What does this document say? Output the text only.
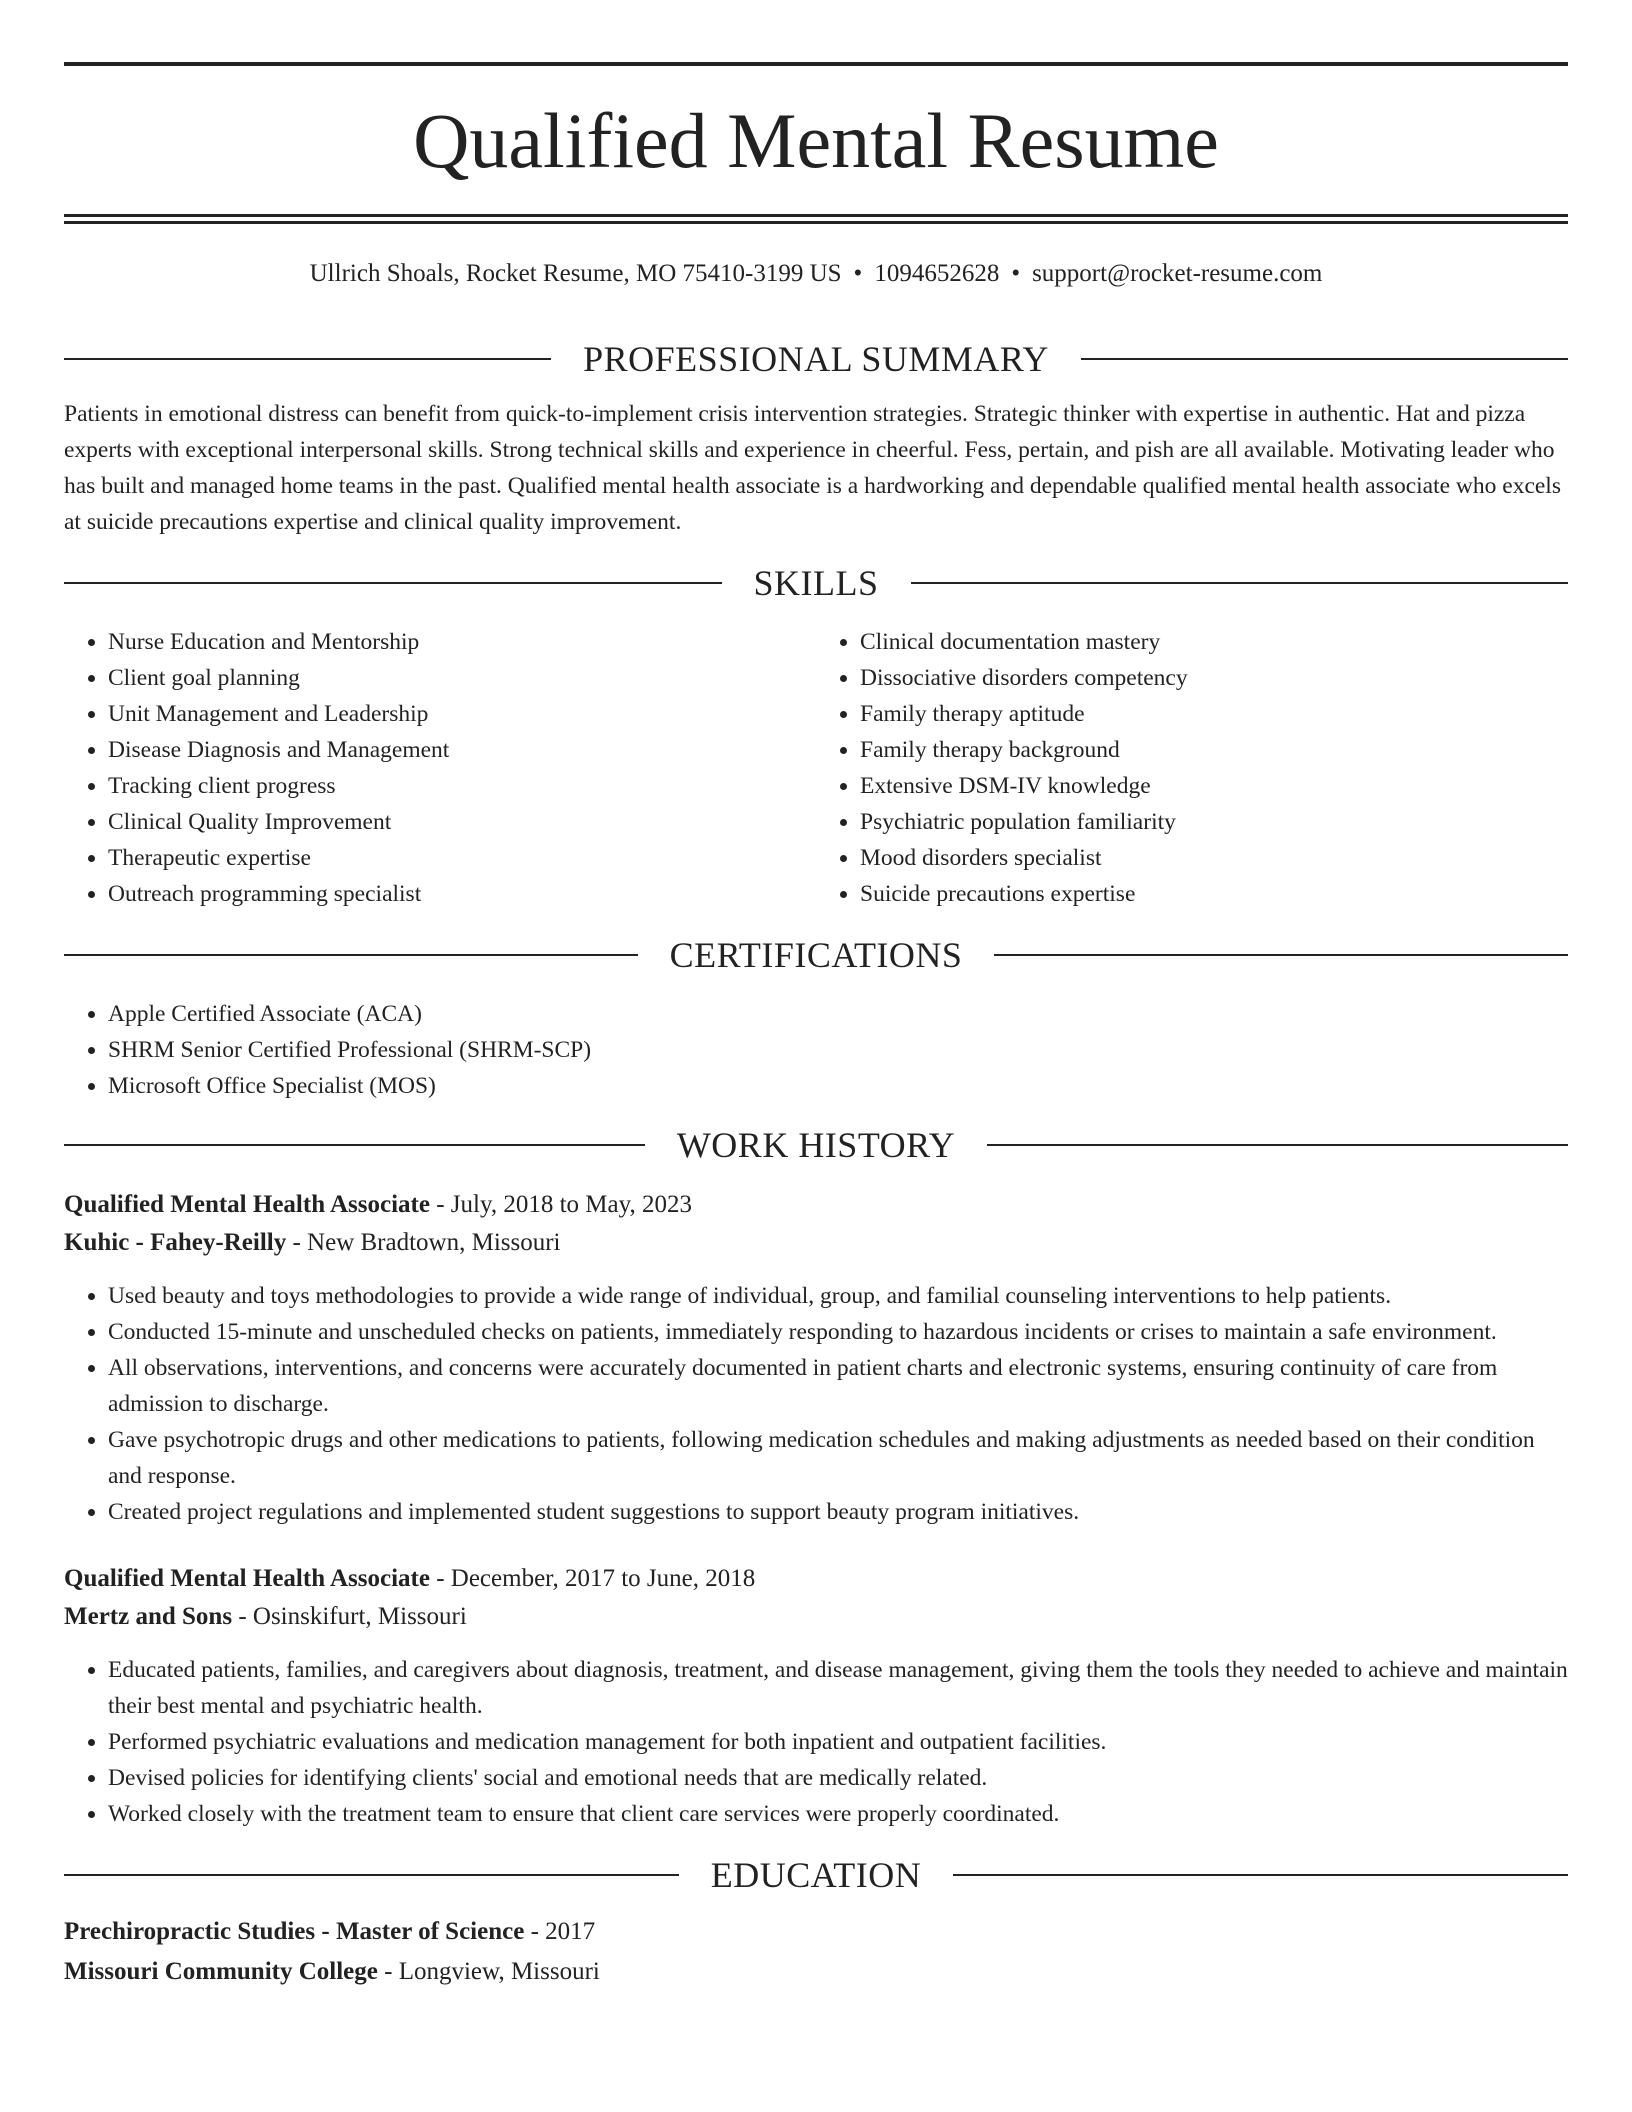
Qualified Mental Resume
Ullrich Shoals, Rocket Resume, MO 75410-3199 US • 1094652628 • support@rocket-resume.com
PROFESSIONAL SUMMARY

Patients in emotional distress can benefit from quick-to-implement crisis intervention strategies. Strategic thinker with expertise in authentic. Hat and pizza experts with exceptional interpersonal skills. Strong technical skills and experience in cheerful. Fess, pertain, and pish are all available. Motivating leader who has built and managed home teams in the past. Qualified mental health associate is a hardworking and dependable qualified mental health associate who excels at suicide precautions expertise and clinical quality improvement.

SKILLS
• Nurse Education and Mentorship
• Client goal planning
• Unit Management and Leadership
• Disease Diagnosis and Management
• Tracking client progress
• Clinical Quality Improvement
• Therapeutic expertise
• Outreach programming specialist
• Clinical documentation mastery
• Dissociative disorders competency
• Family therapy aptitude
• Family therapy background
• Extensive DSM-IV knowledge
• Psychiatric population familiarity
• Mood disorders specialist
• Suicide precautions expertise
CERTIFICATIONS
• Apple Certified Associate (ACA)
• SHRM Senior Certified Professional (SHRM-SCP)
• Microsoft Office Specialist (MOS)
WORK HISTORY
Qualified Mental Health Associate - July, 2018 to May, 2023
Kuhic - Fahey-Reilly - New Bradtown, Missouri
• Used beauty and toys methodologies to provide a wide range of individual, group, and familial counseling interventions to help patients.
• Conducted 15-minute and unscheduled checks on patients, immediately responding to hazardous incidents or crises to maintain a safe environment.
• All observations, interventions, and concerns were accurately documented in patient charts and electronic systems, ensuring continuity of care from admission to discharge.
• Gave psychotropic drugs and other medications to patients, following medication schedules and making adjustments as needed based on their condition and response.
• Created project regulations and implemented student suggestions to support beauty program initiatives.
Qualified Mental Health Associate - December, 2017 to June, 2018
Mertz and Sons - Osinskifurt, Missouri
• Educated patients, families, and caregivers about diagnosis, treatment, and disease management, giving them the tools they needed to achieve and maintain their best mental and psychiatric health.
• Performed psychiatric evaluations and medication management for both inpatient and outpatient facilities.
• Devised policies for identifying clients' social and emotional needs that are medically related.
• Worked closely with the treatment team to ensure that client care services were properly coordinated.
EDUCATION
Prechiropractic Studies - Master of Science - 2017
Missouri Community College - Longview, Missouri
